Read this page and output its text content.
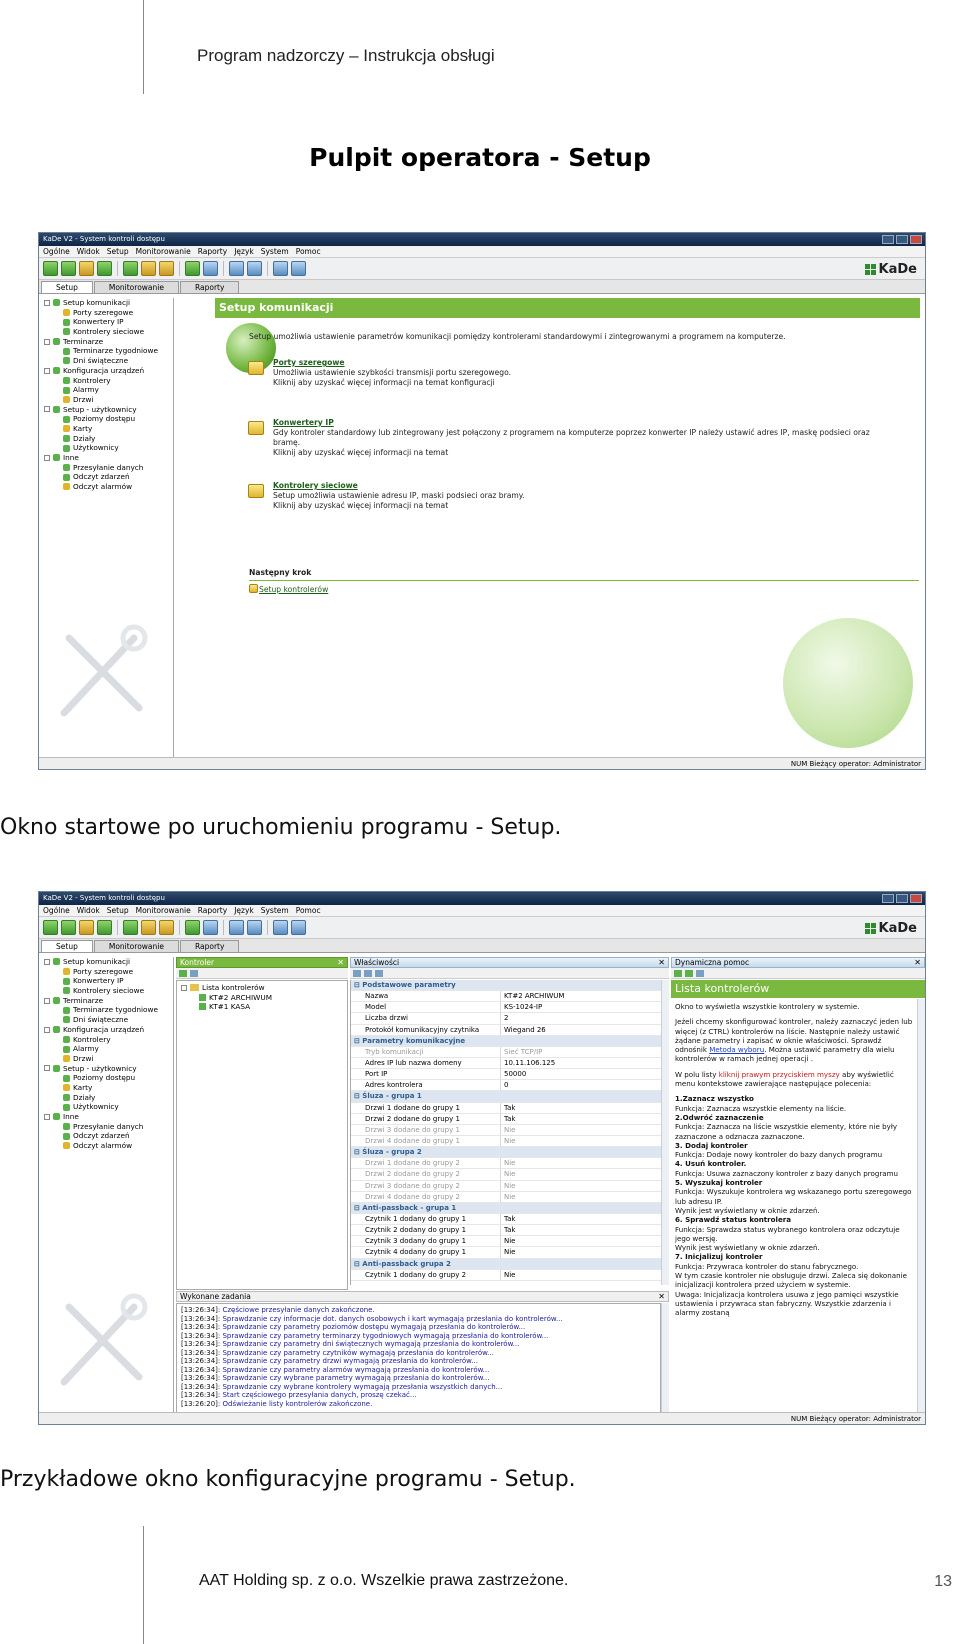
Program nadzorczy – Instrukcja obsługi
Pulpit operatora - Setup
KaDe V2 - System kontroli dostępu
Ogólne Widok Setup Monitorowanie Raporty Język System Pomoc
KaDe
Setup	Monitorowanie	Raporty
Setup komunikacji
Porty szeregowe
Konwertery IP
Kontrolery sieciowe
Terminarze
Terminarze tygodniowe
Dni świąteczne
Konfiguracja urządzeń
Kontrolery
Alarmy
Drzwi
Setup - użytkownicy
Poziomy dostępu
Karty
Działy
Użytkownicy
Inne
Przesyłanie danych
Odczyt zdarzeń
Odczyt alarmów
Setup komunikacji
Setup umożliwia ustawienie parametrów komunikacji pomiędzy kontrolerami standardowymi i zintegrowanymi a programem na komputerze.
Porty szeregowe
Umożliwia ustawienie szybkości transmisji portu szeregowego.
Kliknij aby uzyskać więcej informacji na temat konfiguracji
Konwertery IP
Gdy kontroler standardowy lub zintegrowany jest połączony z programem na komputerze poprzez konwerter IP należy ustawić adres IP, maskę podsieci oraz
bramę.
Kliknij aby uzyskać więcej informacji na temat
Kontrolery sieciowe
Setup umożliwia ustawienie adresu IP, maski podsieci oraz bramy.
Kliknij aby uzyskać więcej informacji na temat
Następny krok
Setup kontrolerów
NUM Bieżący operator: Administrator
Okno startowe po uruchomieniu programu - Setup.
KaDe V2 - System kontroli dostępu
Ogólne Widok Setup Monitorowanie Raporty Język System Pomoc
KaDe
Setup	Monitorowanie	Raporty
Setup komunikacji
Porty szeregowe
Konwertery IP
Kontrolery sieciowe
Terminarze
Terminarze tygodniowe
Dni świąteczne
Konfiguracja urządzeń
Kontrolery
Alarmy
Drzwi
Setup - użytkownicy
Poziomy dostępu
Karty
Działy
Użytkownicy
Inne
Przesyłanie danych
Odczyt zdarzeń
Odczyt alarmów
Kontroler	✕
Lista kontrolerów
KT#2 ARCHIWUM
KT#1 KASA
Właściwości	✕
⊟ Podstawowe parametry
Nazwa	KT#2 ARCHIWUM
Model	KS-1024-IP
Liczba drzwi	2
Protokół komunikacyjny czytnika	Wiegand 26
⊟ Parametry komunikacyjne
Tryb komunikacji	Sieć TCP/IP
Adres IP lub nazwa domeny	10.11.106.125
Port IP	50000
Adres kontrolera	0
⊟ Śluza - grupa 1
Drzwi 1 dodane do grupy 1	Tak
Drzwi 2 dodane do grupy 1	Tak
Drzwi 3 dodane do grupy 1	Nie
Drzwi 4 dodane do grupy 1	Nie
⊟ Śluza - grupa 2
Drzwi 1 dodane do grupy 2	Nie
Drzwi 2 dodane do grupy 2	Nie
Drzwi 3 dodane do grupy 2	Nie
Drzwi 4 dodane do grupy 2	Nie
⊟ Anti-passback - grupa 1
Czytnik 1 dodany do grupy 1	Tak
Czytnik 2 dodany do grupy 1	Tak
Czytnik 3 dodany do grupy 1	Nie
Czytnik 4 dodany do grupy 1	Nie
⊟ Anti-passback grupa 2
Czytnik 1 dodany do grupy 2	Nie
Wykonane zadania	✕
[13:26:34]: Częściowe przesyłanie danych zakończone.
[13:26:34]: Sprawdzanie czy informacje dot. danych osobowych i kart wymagają przesłania do kontrolerów...
[13:26:34]: Sprawdzanie czy parametry poziomów dostępu wymagają przesłania do kontrolerów...
[13:26:34]: Sprawdzanie czy parametry terminarzy tygodniowych wymagają przesłania do kontrolerów...
[13:26:34]: Sprawdzanie czy parametry dni świątecznych wymagają przesłania do kontrolerów...
[13:26:34]: Sprawdzanie czy parametry czytników wymagają przesłania do kontrolerów...
[13:26:34]: Sprawdzanie czy parametry drzwi wymagają przesłania do kontrolerów...
[13:26:34]: Sprawdzanie czy parametry alarmów wymagają przesłania do kontrolerów...
[13:26:34]: Sprawdzanie czy wybrane parametry wymagają przesłania do kontrolerów...
[13:26:34]: Sprawdzanie czy wybrane kontrolery wymagają przesłania wszystkich danych...
[13:26:34]: Start częściowego przesyłania danych, proszę czekać...
[13:26:20]: Odświeżanie listy kontrolerów zakończone.
Dynamiczna pomoc	✕
Lista kontrolerów
Okno to wyświetla wszystkie kontrolery w systemie.
Jeżeli chcemy skonfigurować kontroler, należy zaznaczyć jeden lub więcej (z CTRL) kontrolerów na liście. Następnie należy ustawić żądane parametry i zapisać w oknie właściwości. Sprawdź odnośnik Metoda wyboru. Można ustawić parametry dla wielu kontrolerów w ramach jednej operacji .
W polu listy kliknij prawym przyciskiem myszy aby wyświetlić menu kontekstowe zawierające następujące polecenia:
1.Zaznacz wszystko
Funkcja: Zaznacza wszystkie elementy na liście.
2.Odwróć zaznaczenie
Funkcja: Zaznacza na liście wszystkie elementy, które nie były zaznaczone a odznacza zaznaczone.
3. Dodaj kontroler
Funkcja: Dodaje nowy kontroler do bazy danych programu
4. Usuń kontroler.
Funkcja: Usuwa zaznaczony kontroler z bazy danych programu
5. Wyszukaj kontroler
Funkcja: Wyszukuje kontrolera wg wskazanego portu szeregowego lub adresu IP.
Wynik jest wyświetlany w oknie zdarzeń.
6. Sprawdź status kontrolera
Funkcja: Sprawdza status wybranego kontrolera oraz odczytuje jego wersję.
Wynik jest wyświetlany w oknie zdarzeń.
7. Inicjalizuj kontroler
Funkcja: Przywraca kontroler do stanu fabrycznego.
W tym czasie kontroler nie obsługuje drzwi. Zaleca się dokonanie inicjalizacji kontrolera przed użyciem w systemie.
Uwaga: Inicjalizacja kontrolera usuwa z jego pamięci wszystkie ustawienia i przywraca stan fabryczny. Wszystkie zdarzenia i alarmy zostaną
NUM Bieżący operator: Administrator
Przykładowe okno konfiguracyjne programu - Setup.
AAT Holding sp. z o.o. Wszelkie prawa zastrzeżone.	13
